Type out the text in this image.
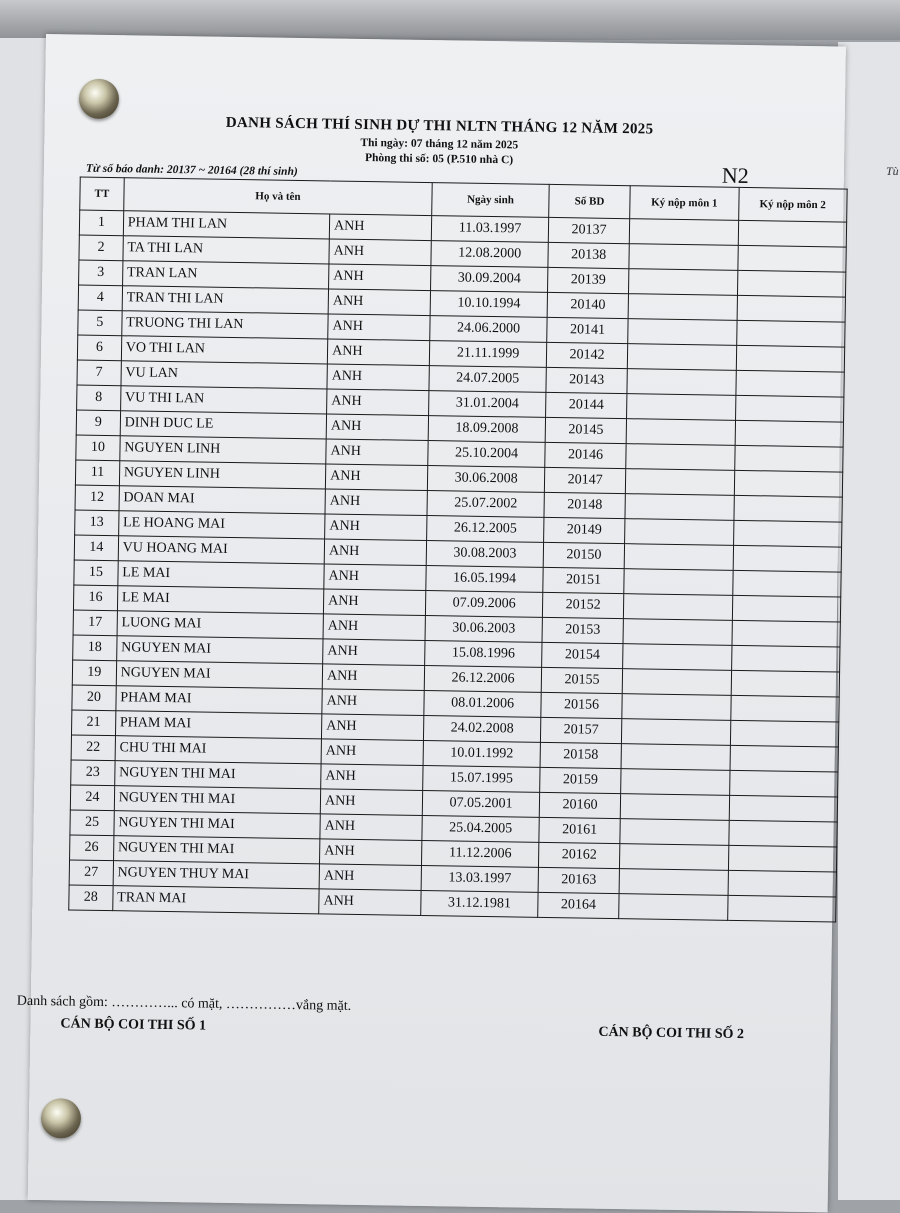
Tù
DANH SÁCH THÍ SINH DỰ THI NLTN THÁNG 12 NĂM 2025
Thi ngày: 07 tháng 12 năm 2025
Phòng thi số: 05 (P.510 nhà C)
Từ số báo danh: 20137 ~ 20164 (28 thí sinh)	N2
TT	Họ và tên		Ngày sinh	Số BD	Ký nộp môn 1	Ký nộp môn 2
1	PHAM THI LAN	ANH	11.03.1997	20137		
2	TA THI LAN	ANH	12.08.2000	20138		
3	TRAN LAN	ANH	30.09.2004	20139		
4	TRAN THI LAN	ANH	10.10.1994	20140		
5	TRUONG THI LAN	ANH	24.06.2000	20141		
6	VO THI LAN	ANH	21.11.1999	20142		
7	VU LAN	ANH	24.07.2005	20143		
8	VU THI LAN	ANH	31.01.2004	20144		
9	DINH DUC LE	ANH	18.09.2008	20145		
10	NGUYEN LINH	ANH	25.10.2004	20146		
11	NGUYEN LINH	ANH	30.06.2008	20147		
12	DOAN MAI	ANH	25.07.2002	20148		
13	LE HOANG MAI	ANH	26.12.2005	20149		
14	VU HOANG MAI	ANH	30.08.2003	20150		
15	LE MAI	ANH	16.05.1994	20151		
16	LE MAI	ANH	07.09.2006	20152		
17	LUONG MAI	ANH	30.06.2003	20153		
18	NGUYEN MAI	ANH	15.08.1996	20154		
19	NGUYEN MAI	ANH	26.12.2006	20155		
20	PHAM MAI	ANH	08.01.2006	20156		
21	PHAM MAI	ANH	24.02.2008	20157		
22	CHU THI MAI	ANH	10.01.1992	20158		
23	NGUYEN THI MAI	ANH	15.07.1995	20159		
24	NGUYEN THI MAI	ANH	07.05.2001	20160		
25	NGUYEN THI MAI	ANH	25.04.2005	20161		
26	NGUYEN THI MAI	ANH	11.12.2006	20162		
27	NGUYEN THUY MAI	ANH	13.03.1997	20163		
28	TRAN MAI	ANH	31.12.1981	20164		
Danh sách gồm: …………... có mặt, ……………vắng mặt.
CÁN BỘ COI THI SỐ 1	CÁN BỘ COI THI SỐ 2
